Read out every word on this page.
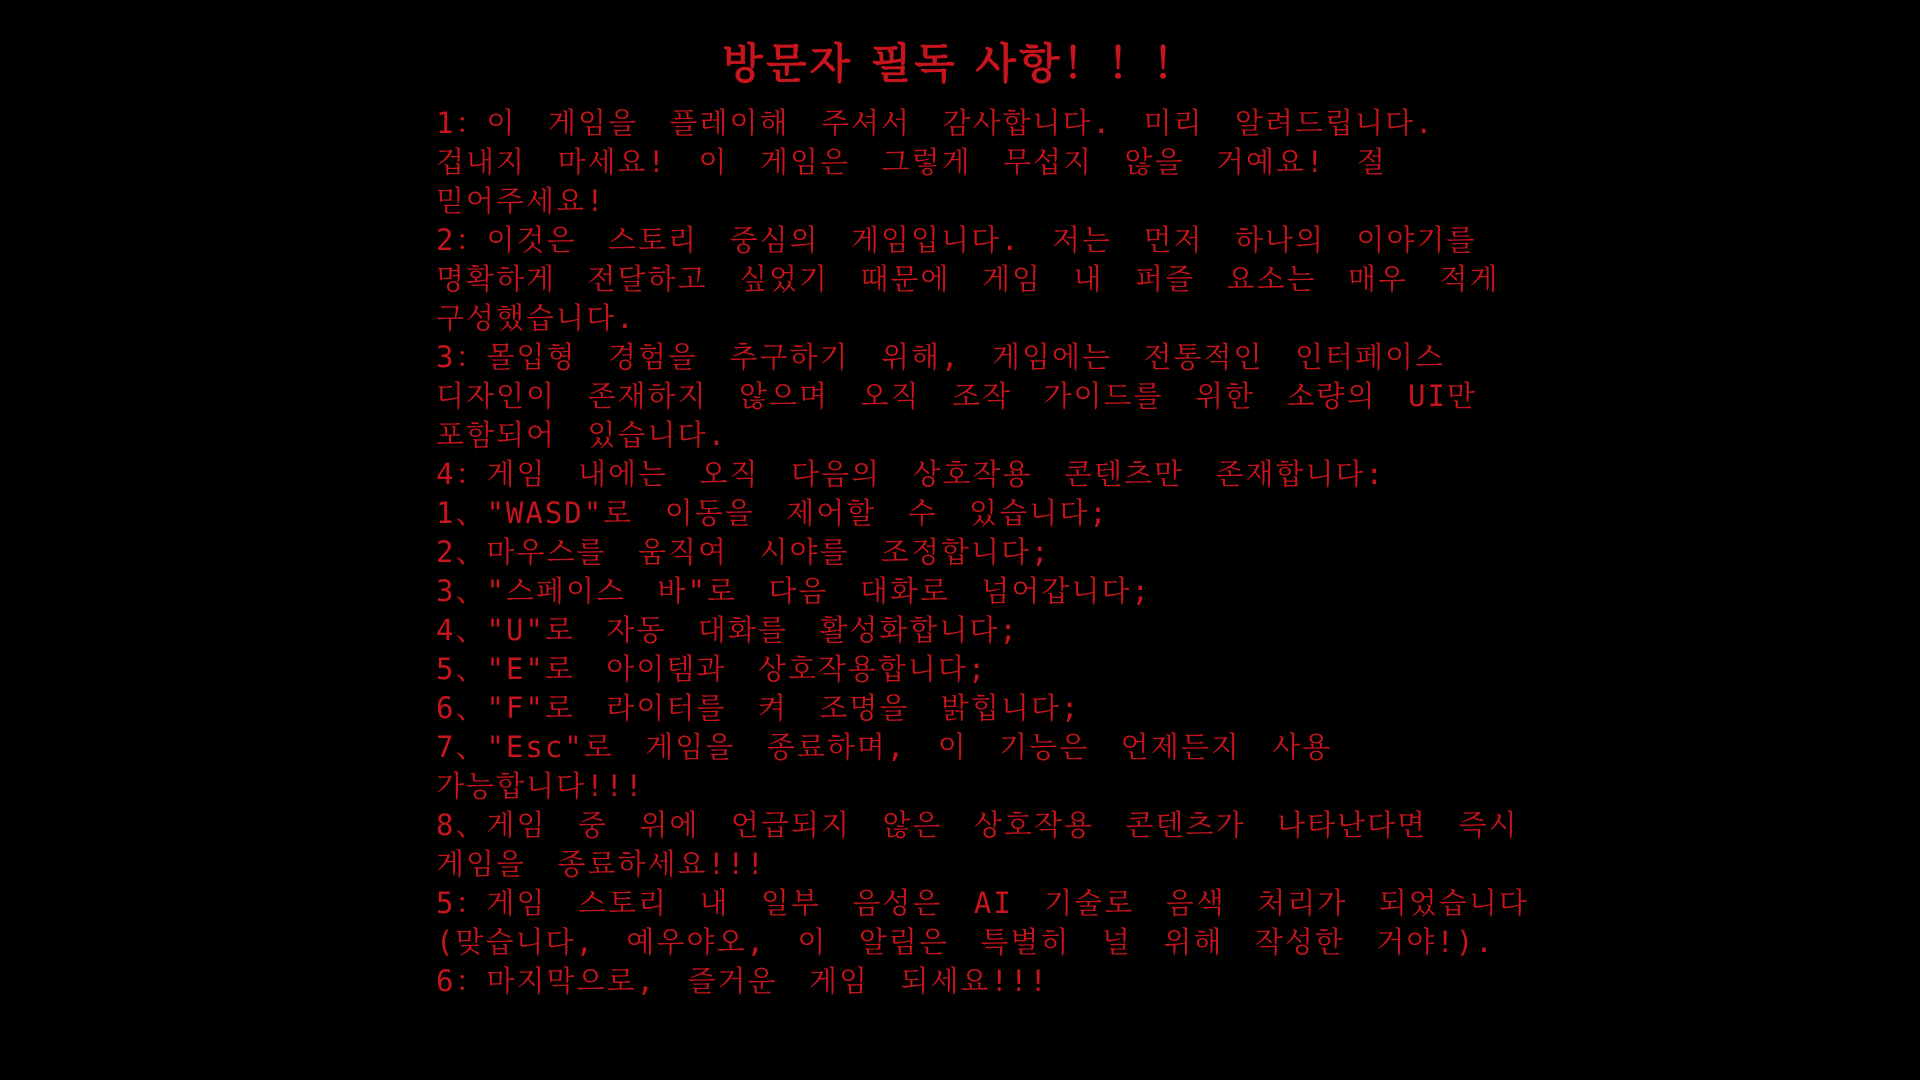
방문자 필독 사항！！！
1：이 게임을 플레이해 주셔서 감사합니다. 미리 알려드립니다.
겁내지 마세요! 이 게임은 그렇게 무섭지 않을 거예요! 절
믿어주세요!
2：이것은 스토리 중심의 게임입니다. 저는 먼저 하나의 이야기를
명확하게 전달하고 싶었기 때문에 게임 내 퍼즐 요소는 매우 적게
구성했습니다.
3：몰입형 경험을 추구하기 위해, 게임에는 전통적인 인터페이스
디자인이 존재하지 않으며 오직 조작 가이드를 위한 소량의 UI만
포함되어 있습니다.
4：게임 내에는 오직 다음의 상호작용 콘텐츠만 존재합니다:
1、"WASD"로 이동을 제어할 수 있습니다;
2、마우스를 움직여 시야를 조정합니다;
3、"스페이스 바"로 다음 대화로 넘어갑니다;
4、"U"로 자동 대화를 활성화합니다;
5、"E"로 아이템과 상호작용합니다;
6、"F"로 라이터를 켜 조명을 밝힙니다;
7、"Esc"로 게임을 종료하며, 이 기능은 언제든지 사용
가능합니다!!!
8、게임 중 위에 언급되지 않은 상호작용 콘텐츠가 나타난다면 즉시
게임을 종료하세요!!!
5：게임 스토리 내 일부 음성은 AI 기술로 음색 처리가 되었습니다
(맞습니다, 예우야오, 이 알림은 특별히 널 위해 작성한 거야!).
6：마지막으로, 즐거운 게임 되세요!!!
